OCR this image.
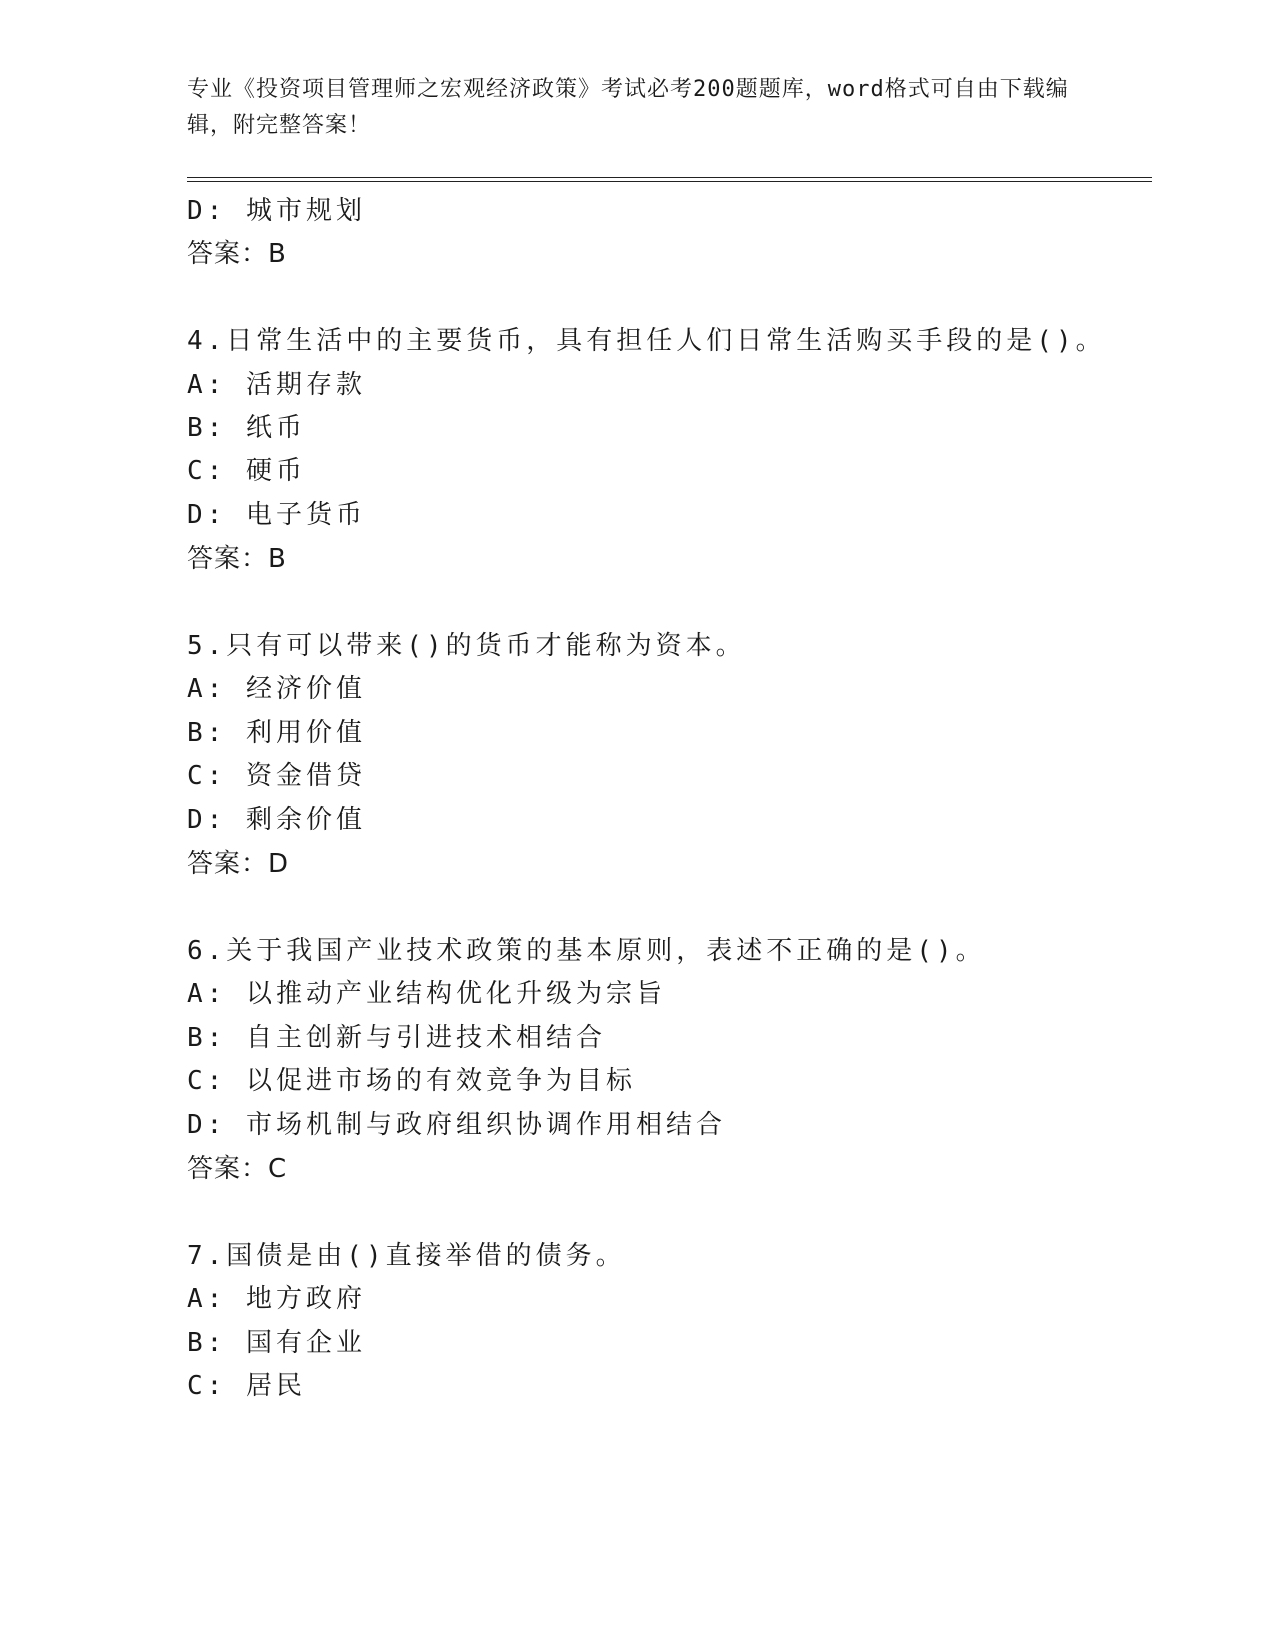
专业《投资项目管理师之宏观经济政策》考试必考200题题库，word格式可自由下载编辑，附完整答案！
D: 城市规划
答案：B
4.日常生活中的主要货币，具有担任人们日常生活购买手段的是()。
A: 活期存款
B: 纸币
C: 硬币
D: 电子货币
答案：B
5.只有可以带来()的货币才能称为资本。
A: 经济价值
B: 利用价值
C: 资金借贷
D: 剩余价值
答案：D
6.关于我国产业技术政策的基本原则，表述不正确的是()。
A: 以推动产业结构优化升级为宗旨
B: 自主创新与引进技术相结合
C: 以促进市场的有效竞争为目标
D: 市场机制与政府组织协调作用相结合
答案：C
7.国债是由()直接举借的债务。
A: 地方政府
B: 国有企业
C: 居民
